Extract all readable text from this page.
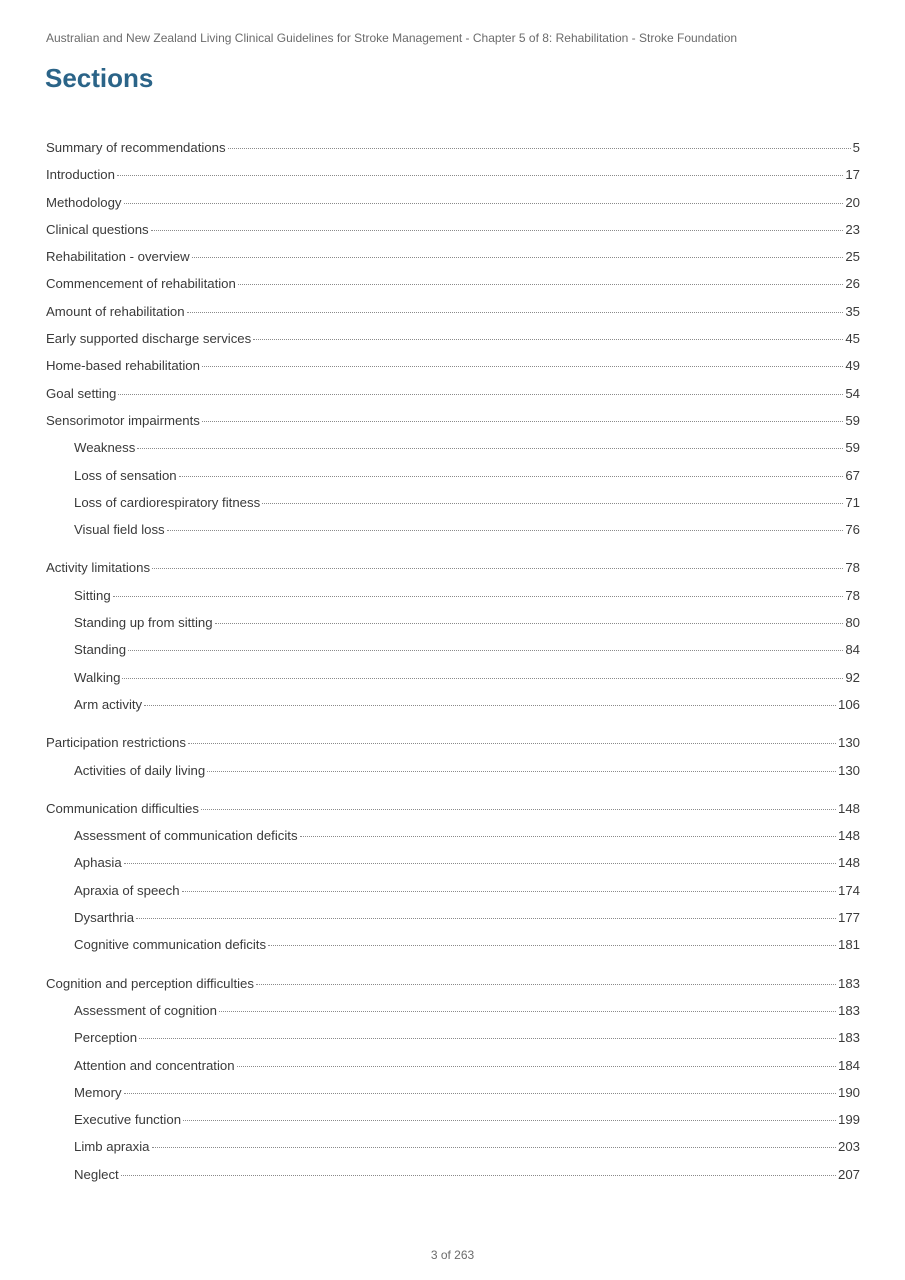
Australian and New Zealand Living Clinical Guidelines for Stroke Management - Chapter 5 of 8: Rehabilitation - Stroke Foundation
Sections
Summary of recommendations	5
Introduction	17
Methodology	20
Clinical questions	23
Rehabilitation - overview	25
Commencement of rehabilitation	26
Amount of rehabilitation	35
Early supported discharge services	45
Home-based rehabilitation	49
Goal setting	54
Sensorimotor impairments	59
Weakness	59
Loss of sensation	67
Loss of cardiorespiratory fitness	71
Visual field loss	76
Activity limitations	78
Sitting	78
Standing up from sitting	80
Standing	84
Walking	92
Arm activity	106
Participation restrictions	130
Activities of daily living	130
Communication difficulties	148
Assessment of communication deficits	148
Aphasia	148
Apraxia of speech	174
Dysarthria	177
Cognitive communication deficits	181
Cognition and perception difficulties	183
Assessment of cognition	183
Perception	183
Attention and concentration	184
Memory	190
Executive function	199
Limb apraxia	203
Neglect	207
3 of 263
